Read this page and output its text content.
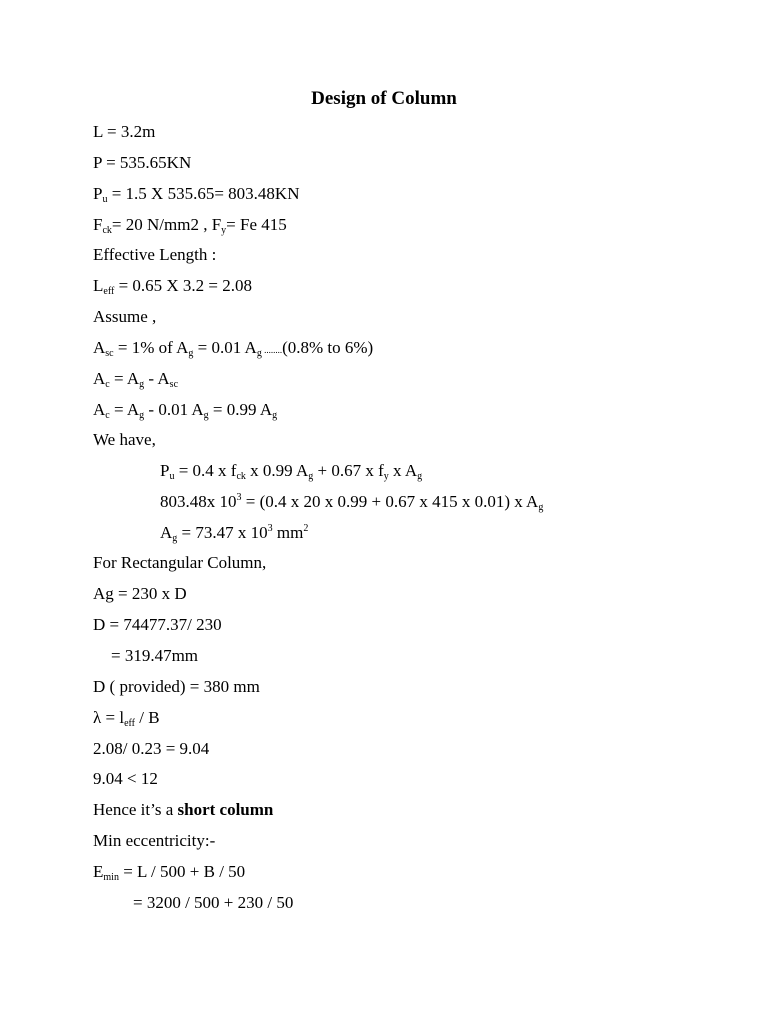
Design of Column
L = 3.2m
P = 535.65KN
$P_u = 1.5$ X 535.65= 803.48KN
$F_{ck}= 20$ N/mm2 , $F_y= Fe$ 415
Effective Length :
$L_{eff} = 0.65$ X 3.2 = 2.08
Assume ,
$A_{sc} = 1\%$ of $A_g = 0.01$ $A_g$ ........(0.8% to 6%)
$A_c = A_g - A_{sc}$
$A_c = A_g - 0.01$ $A_g = 0.99$ $A_g$
We have,
$P_u = 0.4$ x $f_{ck}$ x 0.99 $A_g + 0.67$ x $f_y$ x $A_g$
803.48x $10^3 = (0.4$ x 20 x 0.99 + 0.67 x 415 x 0.01) x $A_g$
$A_g = 73.47$ x $10^3$ $mm^2$
For Rectangular Column,
Ag = 230 x D
D = 74477.37/ 230
= 319.47mm
D ( provided) = 380 mm
$\lambda = l_{eff} / B$
2.08/ 0.23 = 9.04
9.04 < 12
Hence it’s a short column
Min eccentricity:-
$E_{min} = L / 500 + B / 50$
= 3200 / 500 + 230 / 50
